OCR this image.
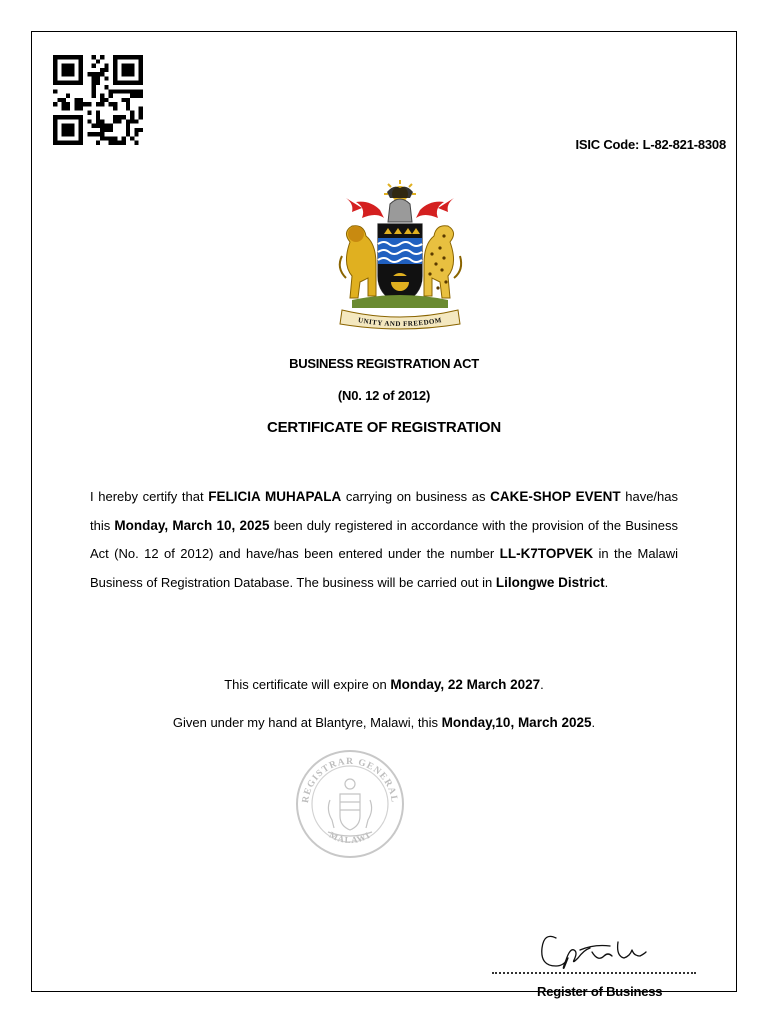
ISIC Code: L-82-821-8308
UNITY AND FREEDOM
BUSINESS REGISTRATION ACT
(N0. 12 of 2012)
CERTIFICATE OF REGISTRATION
I hereby certify that FELICIA MUHAPALA carrying on business as CAKE-SHOP EVENT have/has this Monday, March 10, 2025 been duly registered in accordance with the provision of the Business Act (No. 12 of 2012) and have/has been entered under the number LL-K7TOPVEK in the Malawi Business of Registration Database. The business will be carried out in Lilongwe District.
This certificate will expire on Monday, 22 March 2027.
Given under my hand at Blantyre, Malawi, this Monday,10, March 2025.
REGISTRAR GENERAL
MALAWI
Register of Business
